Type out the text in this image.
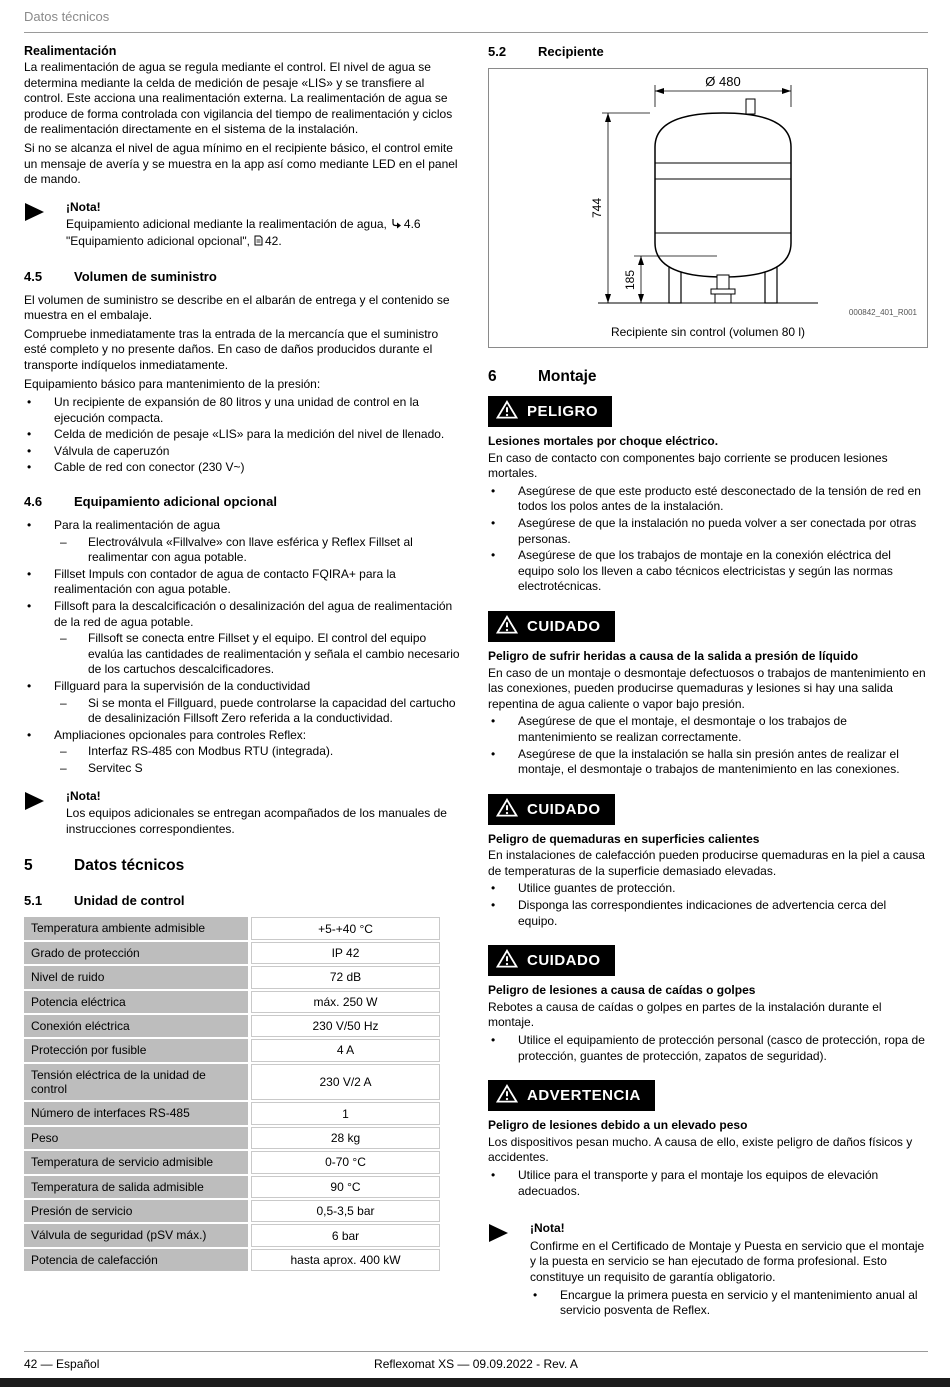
Datos técnicos
Realimentación

La realimentación de agua se regula mediante el control. El nivel de agua se determina mediante la celda de medición de pesaje «LIS» y se transfiere al control. Este acciona una realimentación externa. La realimentación de agua se produce de forma controlada con vigilancia del tiempo de realimentación y ciclos de realimentación directamente en el sistema de la instalación.

Si no se alcanza el nivel de agua mínimo en el recipiente básico, el control emite un mensaje de avería y se muestra en la app así como mediante LED en el panel de mando.

¡Nota!
Equipamiento adicional mediante la realimentación de agua, 4.6 "Equipamiento adicional opcional", 42.
4.5	Volumen de suministro

El volumen de suministro se describe en el albarán de entrega y el contenido se muestra en el embalaje.

Compruebe inmediatamente tras la entrada de la mercancía que el suministro esté completo y no presente daños. En caso de daños producidos durante el transporte indíquelos inmediatamente.

Equipamiento básico para mantenimiento de la presión:

• Un recipiente de expansión de 80 litros y una unidad de control en la ejecución compacta.
• Celda de medición de pesaje «LIS» para la medición del nivel de llenado.
• Válvula de caperuzón
• Cable de red con conector (230 V~)
4.6	Equipamiento adicional opcional
• Para la realimentación de agua
– Electroválvula «Fillvalve» con llave esférica y Reflex Fillset al realimentar con agua potable.
• Fillset Impuls con contador de agua de contacto FQIRA+ para la realimentación con agua potable.
• Fillsoft para la descalcificación o desalinización del agua de realimentación de la red de agua potable.
– Fillsoft se conecta entre Fillset y el equipo. El control del equipo evalúa las cantidades de realimentación y señala el cambio necesario de los cartuchos descalcificadores.
• Fillguard para la supervisión de la conductividad
– Si se monta el Fillguard, puede controlarse la capacidad del cartucho de desalinización Fillsoft Zero referida a la conductividad.
• Ampliaciones opcionales para controles Reflex:
– Interfaz RS-485 con Modbus RTU (integrada).
– Servitec S
¡Nota!
Los equipos adicionales se entregan acompañados de los manuales de instrucciones correspondientes.
5	Datos técnicos
5.1	Unidad de control
Temperatura ambiente admisible	+5-+40 °C
Grado de protección	IP 42
Nivel de ruido	72 dB
Potencia eléctrica	máx. 250 W
Conexión eléctrica	230 V/50 Hz
Protección por fusible	4 A
Tensión eléctrica de la unidad de control	230 V/2 A
Número de interfaces RS-485	1
Peso	28 kg
Temperatura de servicio admisible	0-70 °C
Temperatura de salida admisible	90 °C
Presión de servicio	0,5-3,5 bar
Válvula de seguridad (pSV máx.)	6 bar
Potencia de calefacción	hasta aprox. 400 kW
5.2	Recipiente
Ø 480
744
185
000842_401_R001
Recipiente sin control (volumen 80 l)
6	Montaje
PELIGRO
Lesiones mortales por choque eléctrico.
En caso de contacto con componentes bajo corriente se producen lesiones mortales.
• Asegúrese de que este producto esté desconectado de la tensión de red en todos los polos antes de la instalación.
• Asegúrese de que la instalación no pueda volver a ser conectada por otras personas.
• Asegúrese de que los trabajos de montaje en la conexión eléctrica del equipo solo los lleven a cabo técnicos electricistas y según las normas electrotécnicas.
CUIDADO
Peligro de sufrir heridas a causa de la salida a presión de líquido
En caso de un montaje o desmontaje defectuosos o trabajos de mantenimiento en las conexiones, pueden producirse quemaduras y lesiones si hay una salida repentina de agua caliente o vapor bajo presión.
• Asegúrese de que el montaje, el desmontaje o los trabajos de mantenimiento se realizan correctamente.
• Asegúrese de que la instalación se halla sin presión antes de realizar el montaje, el desmontaje o trabajos de mantenimiento en las conexiones.
CUIDADO
Peligro de quemaduras en superficies calientes
En instalaciones de calefacción pueden producirse quemaduras en la piel a causa de temperaturas de la superficie demasiado elevadas.
• Utilice guantes de protección.
• Disponga las correspondientes indicaciones de advertencia cerca del equipo.
CUIDADO
Peligro de lesiones a causa de caídas o golpes
Rebotes a causa de caídas o golpes en partes de la instalación durante el montaje.
• Utilice el equipamiento de protección personal (casco de protección, ropa de protección, guantes de protección, zapatos de seguridad).
ADVERTENCIA
Peligro de lesiones debido a un elevado peso
Los dispositivos pesan mucho. A causa de ello, existe peligro de daños físicos y accidentes.
• Utilice para el transporte y para el montaje los equipos de elevación adecuados.
¡Nota!
Confirme en el Certificado de Montaje y Puesta en servicio que el montaje y la puesta en servicio se han ejecutado de forma profesional. Esto constituye un requisito de garantía obligatorio.
• Encargue la primera puesta en servicio y el mantenimiento anual al servicio posventa de Reflex.
42 — Español	Reflexomat XS — 09.09.2022 - Rev. A
